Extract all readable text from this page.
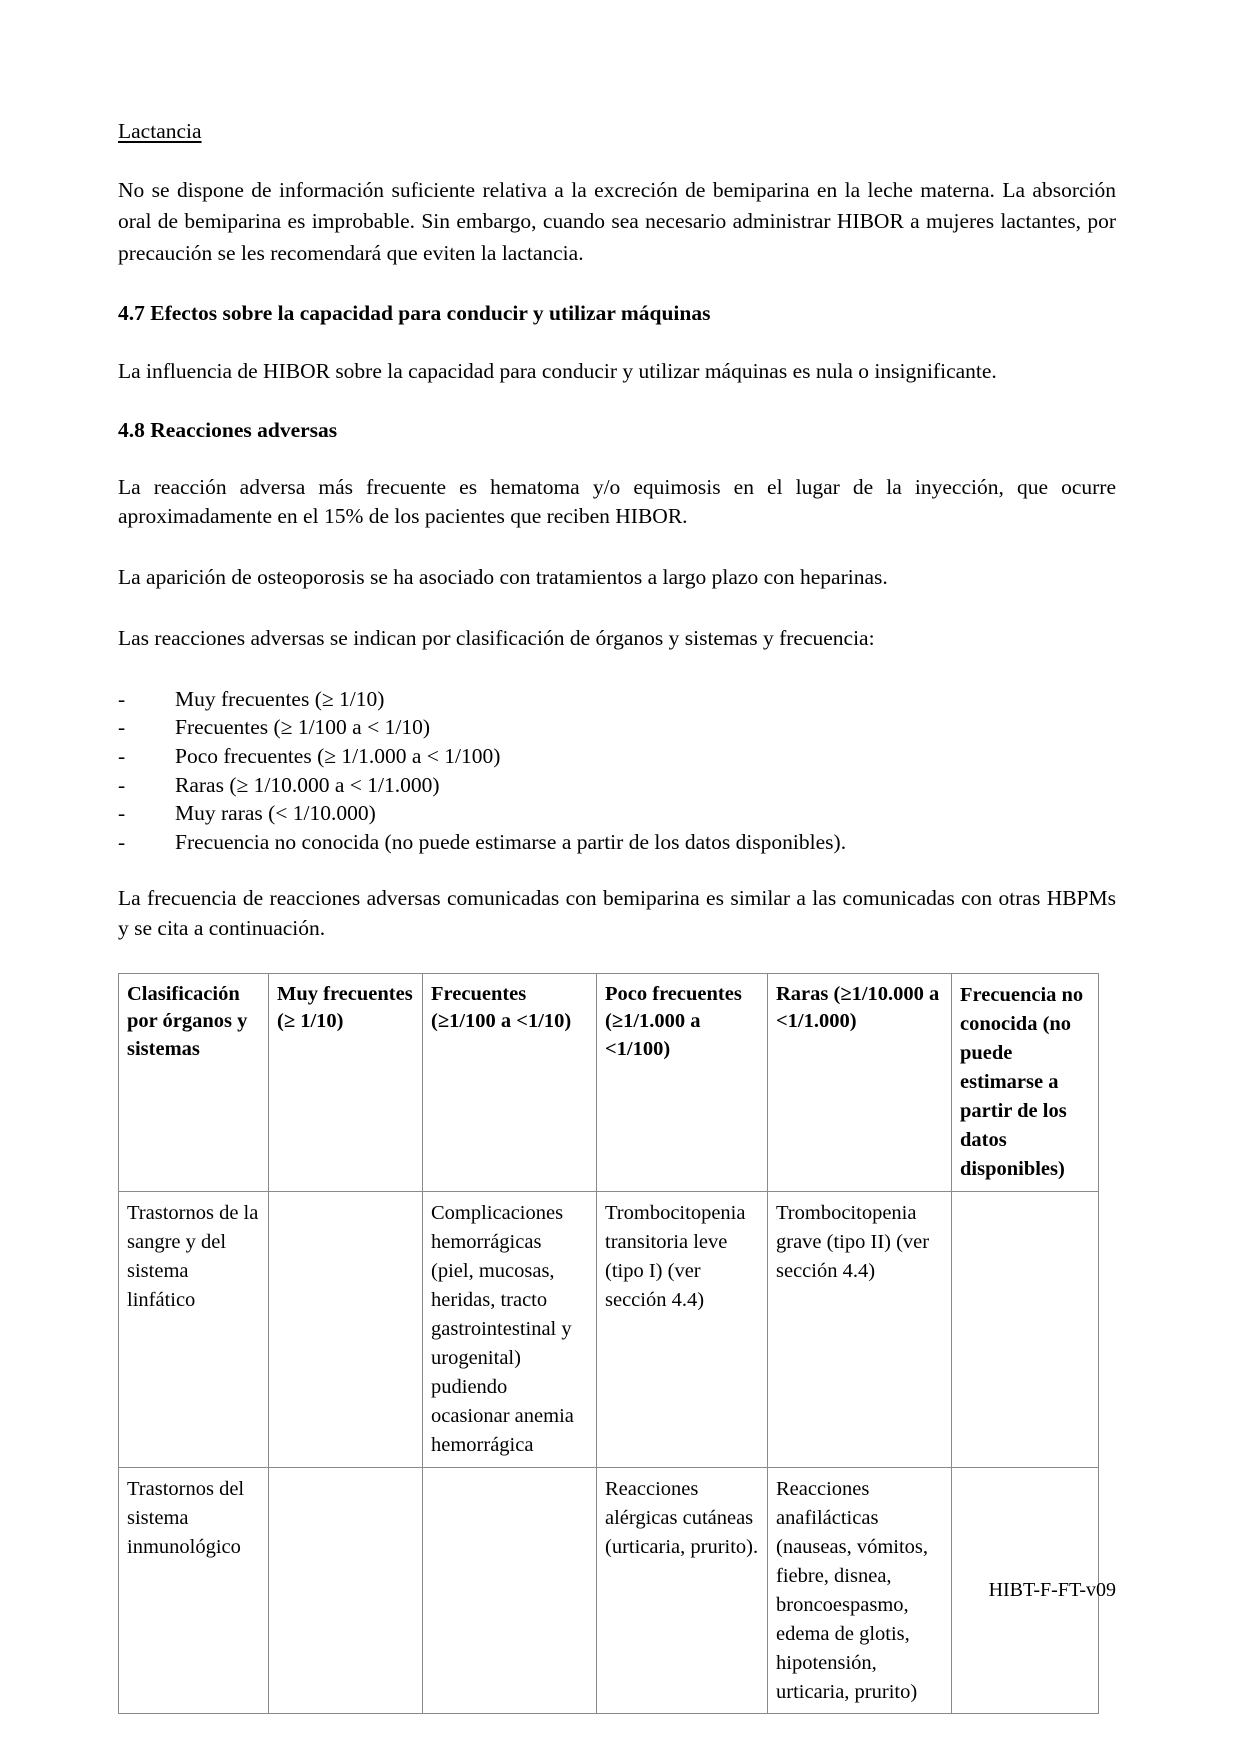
Lactancia

No se dispone de información suficiente relativa a la excreción de bemiparina en la leche materna. La absorción oral de bemiparina es improbable. Sin embargo, cuando sea necesario administrar HIBOR a mujeres lactantes, por precaución se les recomendará que eviten la lactancia.

4.7 Efectos sobre la capacidad para conducir y utilizar máquinas

La influencia de HIBOR sobre la capacidad para conducir y utilizar máquinas es nula o insignificante.

4.8 Reacciones adversas

La reacción adversa más frecuente es hematoma y/o equimosis en el lugar de la inyección, que ocurre aproximadamente en el 15% de los pacientes que reciben HIBOR.

La aparición de osteoporosis se ha asociado con tratamientos a largo plazo con heparinas.

Las reacciones adversas se indican por clasificación de órganos y sistemas y frecuencia:

-	Muy frecuentes (≥ 1/10)
-	Frecuentes (≥ 1/100 a < 1/10)
-	Poco frecuentes (≥ 1/1.000 a < 1/100)
-	Raras (≥ 1/10.000 a < 1/1.000)
-	Muy raras (< 1/10.000)
-	Frecuencia no conocida (no puede estimarse a partir de los datos disponibles).

La frecuencia de reacciones adversas comunicadas con bemiparina es similar a las comunicadas con otras HBPMs y se cita a continuación.

Clasificación por órganos y sistemas	Muy frecuentes (≥ 1/10)	Frecuentes (≥1/100 a <1/10)	Poco frecuentes (≥1/1.000 a <1/100)	Raras (≥1/10.000 a <1/1.000)	Frecuencia no conocida (no puede estimarse a partir de los datos disponibles)
Trastornos de la sangre y del sistema linfático		Complicaciones hemorrágicas (piel, mucosas, heridas, tracto gastrointestinal y urogenital) pudiendo ocasionar anemia hemorrágica	Trombocitopenia transitoria leve (tipo I) (ver sección 4.4)	Trombocitopenia grave (tipo II) (ver sección 4.4)	
Trastornos del sistema inmunológico			Reacciones alérgicas cutáneas (urticaria, prurito).	Reacciones anafilácticas (nauseas, vómitos, fiebre, disnea, broncoespasmo, edema de glotis, hipotensión, urticaria, prurito)	
HIBT-F-FT-v09
